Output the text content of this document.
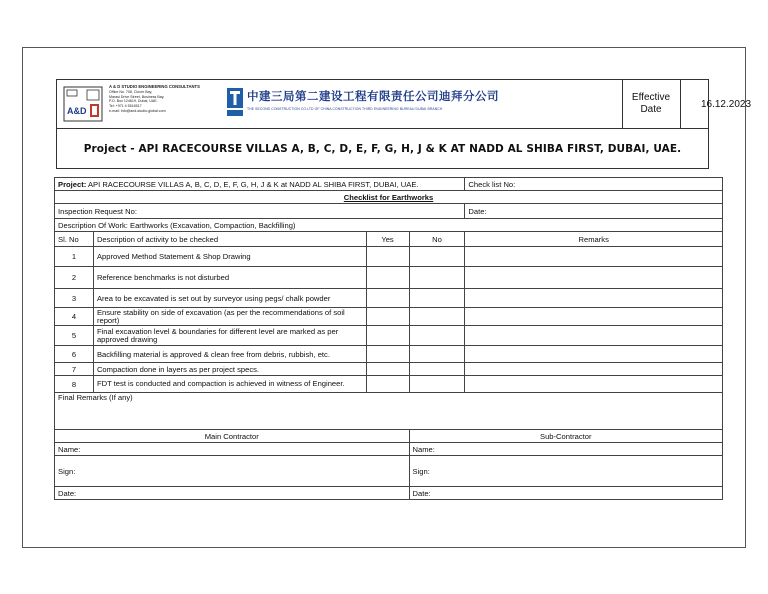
A&D
A & D STUDIO ENGINEERING CONSULTANTS
Office No. 708, Clover Bay,
Marasi Drive Street, Business Bay,
P.O. Box 124619, Dubai, UAE.
Tel: +971 4 5516517
e-mail: info@and-studio-global.com
中建三局第二建设工程有限责任公司迪拜分公司
THE SECOND CONSTRUCTION CO.LTD OF CHINA CONSTRUCTION THIRD ENGINEERING BUREAU DUBAI BRANCH
Effective
Date	16.12.2023
Project - API RACECOURSE VILLAS A, B, C, D, E, F, G, H, J & K AT NADD AL SHIBA FIRST, DUBAI, UAE.
Project: API RACECOURSE VILLAS A, B, C, D, E, F, G, H, J & K at NADD AL SHIBA FIRST, DUBAI, UAE.				Check list No:
Checklist for Earthworks				
Inspection Request No:				Date:
Description Of Work: Earthworks (Excavation, Compaction, Backfilling)				
Sl. No	Description of activity to be checked	Yes	No	Remarks
1	Approved Method Statement & Shop Drawing			
2	Reference benchmarks is not disturbed			
3	Area to be excavated is set out by surveyor using pegs/ chalk powder			
4	Ensure stability on side of excavation (as per the recommendations of soil report)			
5	Final excavation level & boundaries for different level are marked as per approved drawing			
6	Backfilling material is approved & clean free from debris, rubbish, etc.			
7	Compaction done in layers as per project specs.			
8	FDT test is conducted and compaction is achieved in witness of Engineer.			
Final Remarks (If any)				
Main Contractor			Sub-Contractor	
Name:			Name:	
Sign:			Sign:	
Date:			Date:	
